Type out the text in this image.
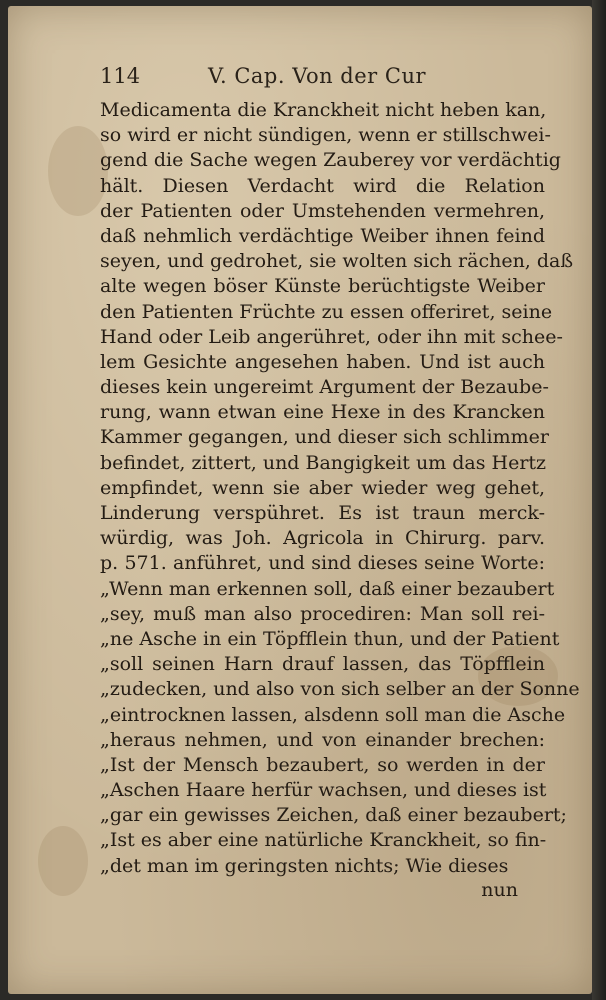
114	V. Cap. Von der Cur
Medicamenta die Kranckheit nicht heben kan,
so wird er nicht sündigen, wenn er stillschwei-
gend die Sache wegen Zauberey vor verdächtig
hält. Diesen Verdacht wird die Relation
der Patienten oder Umstehenden vermehren,
daß nehmlich verdächtige Weiber ihnen feind
seyen, und gedrohet, sie wolten sich rächen, daß
alte wegen böser Künste berüchtigste Weiber
den Patienten Früchte zu essen offeriret, seine
Hand oder Leib angerühret, oder ihn mit schee-
lem Gesichte angesehen haben. Und ist auch
dieses kein ungereimt Argument der Bezaube-
rung, wann etwan eine Hexe in des Krancken
Kammer gegangen, und dieser sich schlimmer
befindet, zittert, und Bangigkeit um das Hertz
empfindet, wenn sie aber wieder weg gehet,
Linderung verspühret. Es ist traun merck-
würdig, was Joh. Agricola in Chirurg. parv.
p. 571. anführet, und sind dieses seine Worte:
„Wenn man erkennen soll, daß einer bezaubert
„sey, muß man also procediren: Man soll rei-
„ne Asche in ein Töpfflein thun, und der Patient
„soll seinen Harn drauf lassen, das Töpfflein
„zudecken, und also von sich selber an der Sonne
„eintrocknen lassen, alsdenn soll man die Asche
„heraus nehmen, und von einander brechen:
„Ist der Mensch bezaubert, so werden in der
„Aschen Haare herfür wachsen, und dieses ist
„gar ein gewisses Zeichen, daß einer bezaubert;
„Ist es aber eine natürliche Kranckheit, so fin-
„det man im geringsten nichts; Wie dieses
nun
